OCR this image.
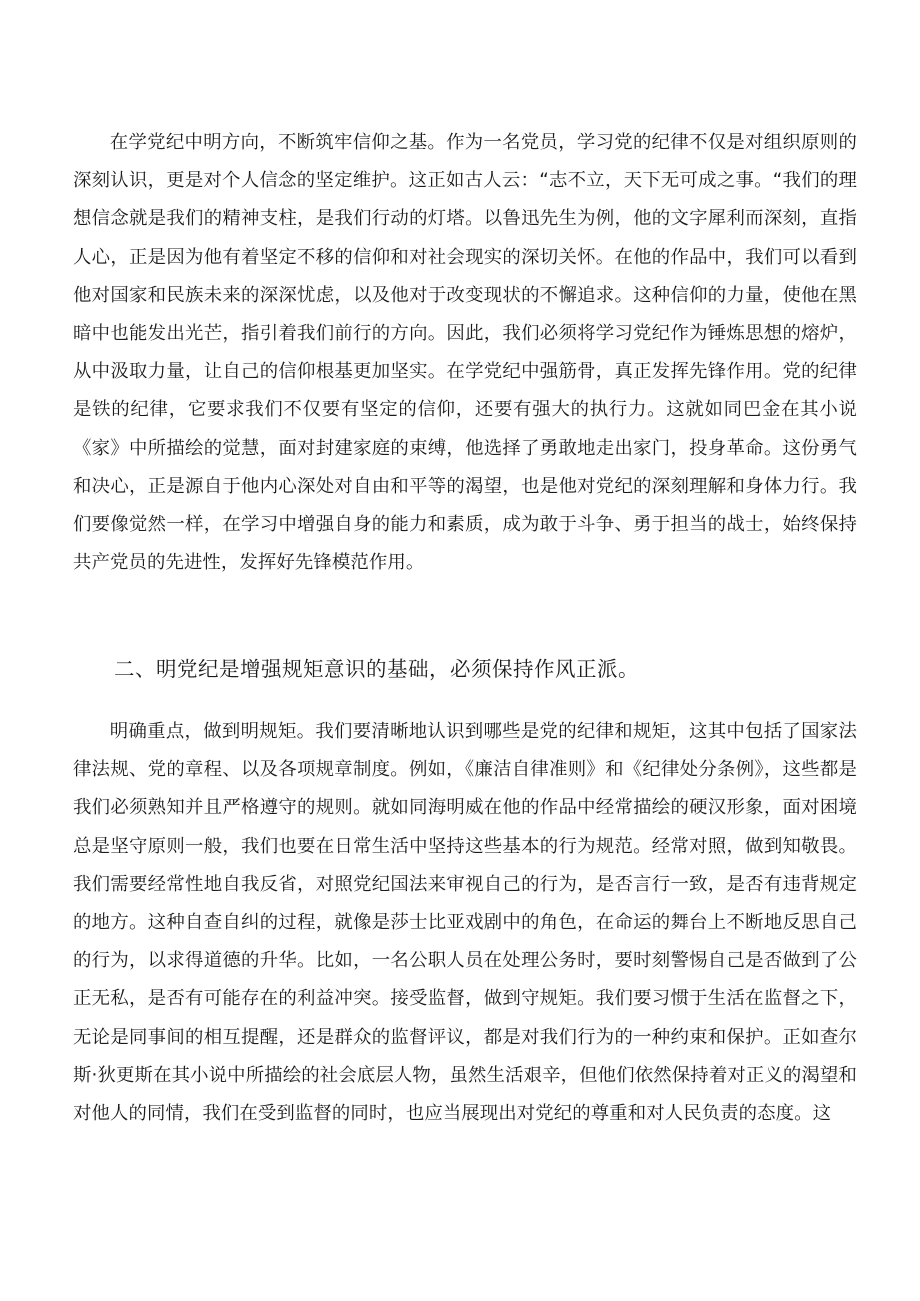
在学党纪中明方向，不断筑牢信仰之基。作为一名党员，学习党的纪律不仅是对组织原则的深刻认识，更是对个人信念的坚定维护。这正如古人云：“志不立，天下无可成之事。“我们的理想信念就是我们的精神支柱，是我们行动的灯塔。以鲁迅先生为例，他的文字犀利而深刻，直指人心，正是因为他有着坚定不移的信仰和对社会现实的深切关怀。在他的作品中，我们可以看到他对国家和民族未来的深深忧虑，以及他对于改变现状的不懈追求。这种信仰的力量，使他在黑暗中也能发出光芒，指引着我们前行的方向。因此，我们必须将学习党纪作为锤炼思想的熔炉，从中汲取力量，让自己的信仰根基更加坚实。在学党纪中强筋骨，真正发挥先锋作用。党的纪律是铁的纪律，它要求我们不仅要有坚定的信仰，还要有强大的执行力。这就如同巴金在其小说《家》中所描绘的觉慧，面对封建家庭的束缚，他选择了勇敢地走出家门，投身革命。这份勇气和决心，正是源自于他内心深处对自由和平等的渴望，也是他对党纪的深刻理解和身体力行。我们要像觉然一样，在学习中增强自身的能力和素质，成为敢于斗争、勇于担当的战士，始终保持共产党员的先进性，发挥好先锋模范作用。

二、明党纪是增强规矩意识的基础，必须保持作风正派。

明确重点，做到明规矩。我们要清晰地认识到哪些是党的纪律和规矩，这其中包括了国家法律法规、党的章程、以及各项规章制度。例如，《廉洁自律准则》和《纪律处分条例》，这些都是我们必须熟知并且严格遵守的规则。就如同海明威在他的作品中经常描绘的硬汉形象，面对困境总是坚守原则一般，我们也要在日常生活中坚持这些基本的行为规范。经常对照，做到知敬畏。我们需要经常性地自我反省，对照党纪国法来审视自己的行为，是否言行一致，是否有违背规定的地方。这种自查自纠的过程，就像是莎士比亚戏剧中的角色，在命运的舞台上不断地反思自己的行为，以求得道德的升华。比如，一名公职人员在处理公务时，要时刻警惕自己是否做到了公正无私，是否有可能存在的利益冲突。接受监督，做到守规矩。我们要习惯于生活在监督之下，无论是同事间的相互提醒，还是群众的监督评议，都是对我们行为的一种约束和保护。正如查尔斯·狄更斯在其小说中所描绘的社会底层人物，虽然生活艰辛，但他们依然保持着对正义的渴望和对他人的同情，我们在受到监督的同时，也应当展现出对党纪的尊重和对人民负责的态度。这
